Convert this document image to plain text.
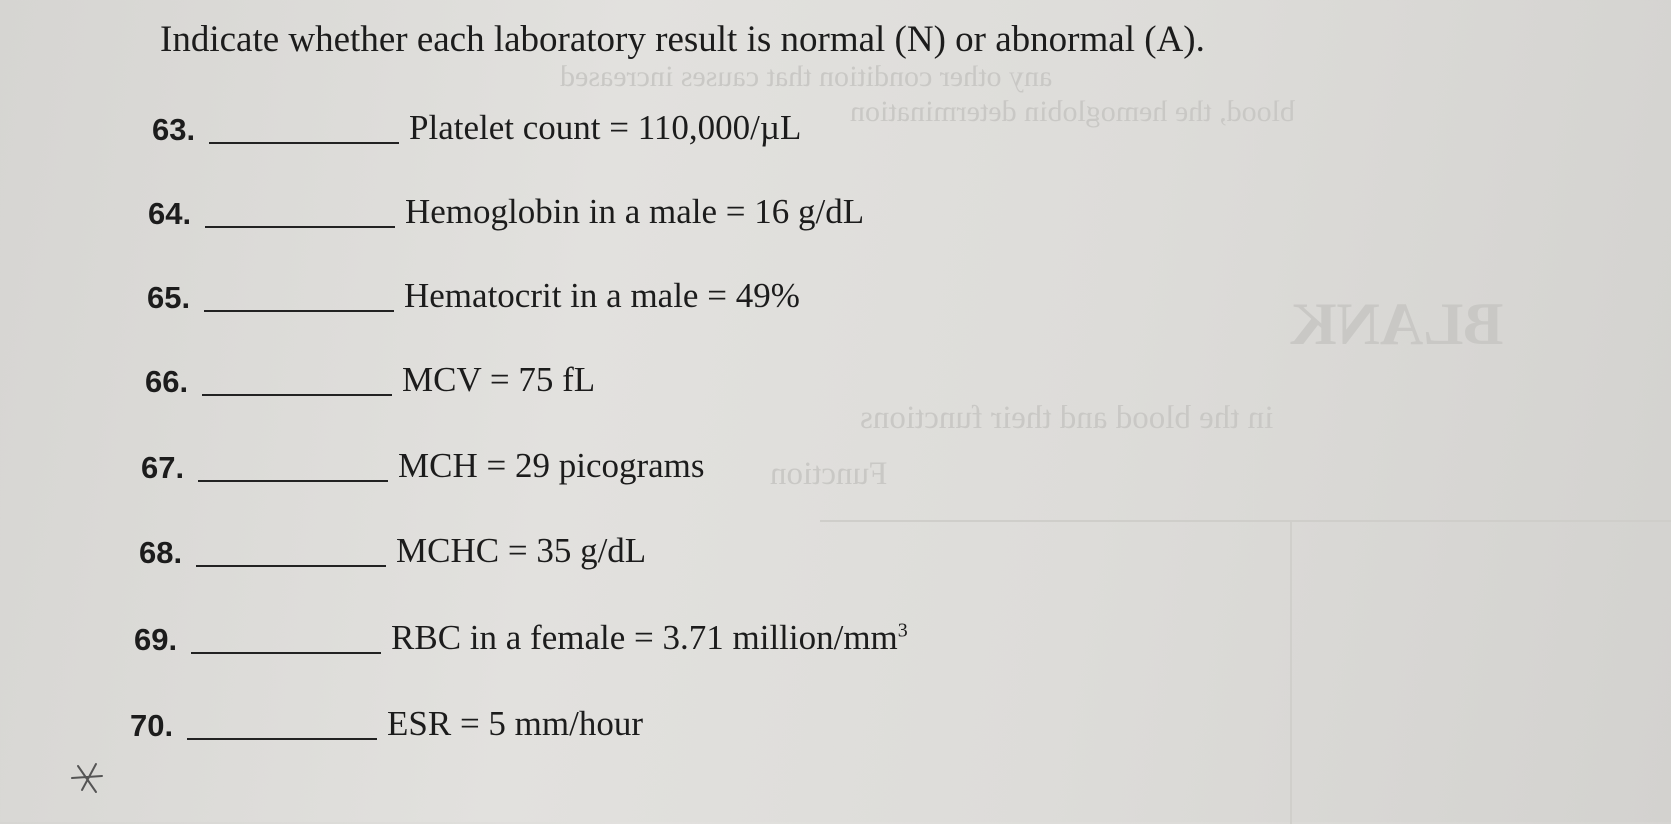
BLANK
in the blood and their functions
Function
any other condition that causes increased
blood, the hemoglobin determination
Indicate whether each laboratory result is normal (N) or abnormal (A).
63.	Platelet count = 110,000/µL
64.	Hemoglobin in a male = 16 g/dL
65.	Hematocrit in a male = 49%
66.	MCV = 75 fL
67.	MCH = 29 picograms
68.	MCHC = 35 g/dL
69.	RBC in a female = 3.71 million/$mm^3$
70.	ESR = 5 mm/hour
